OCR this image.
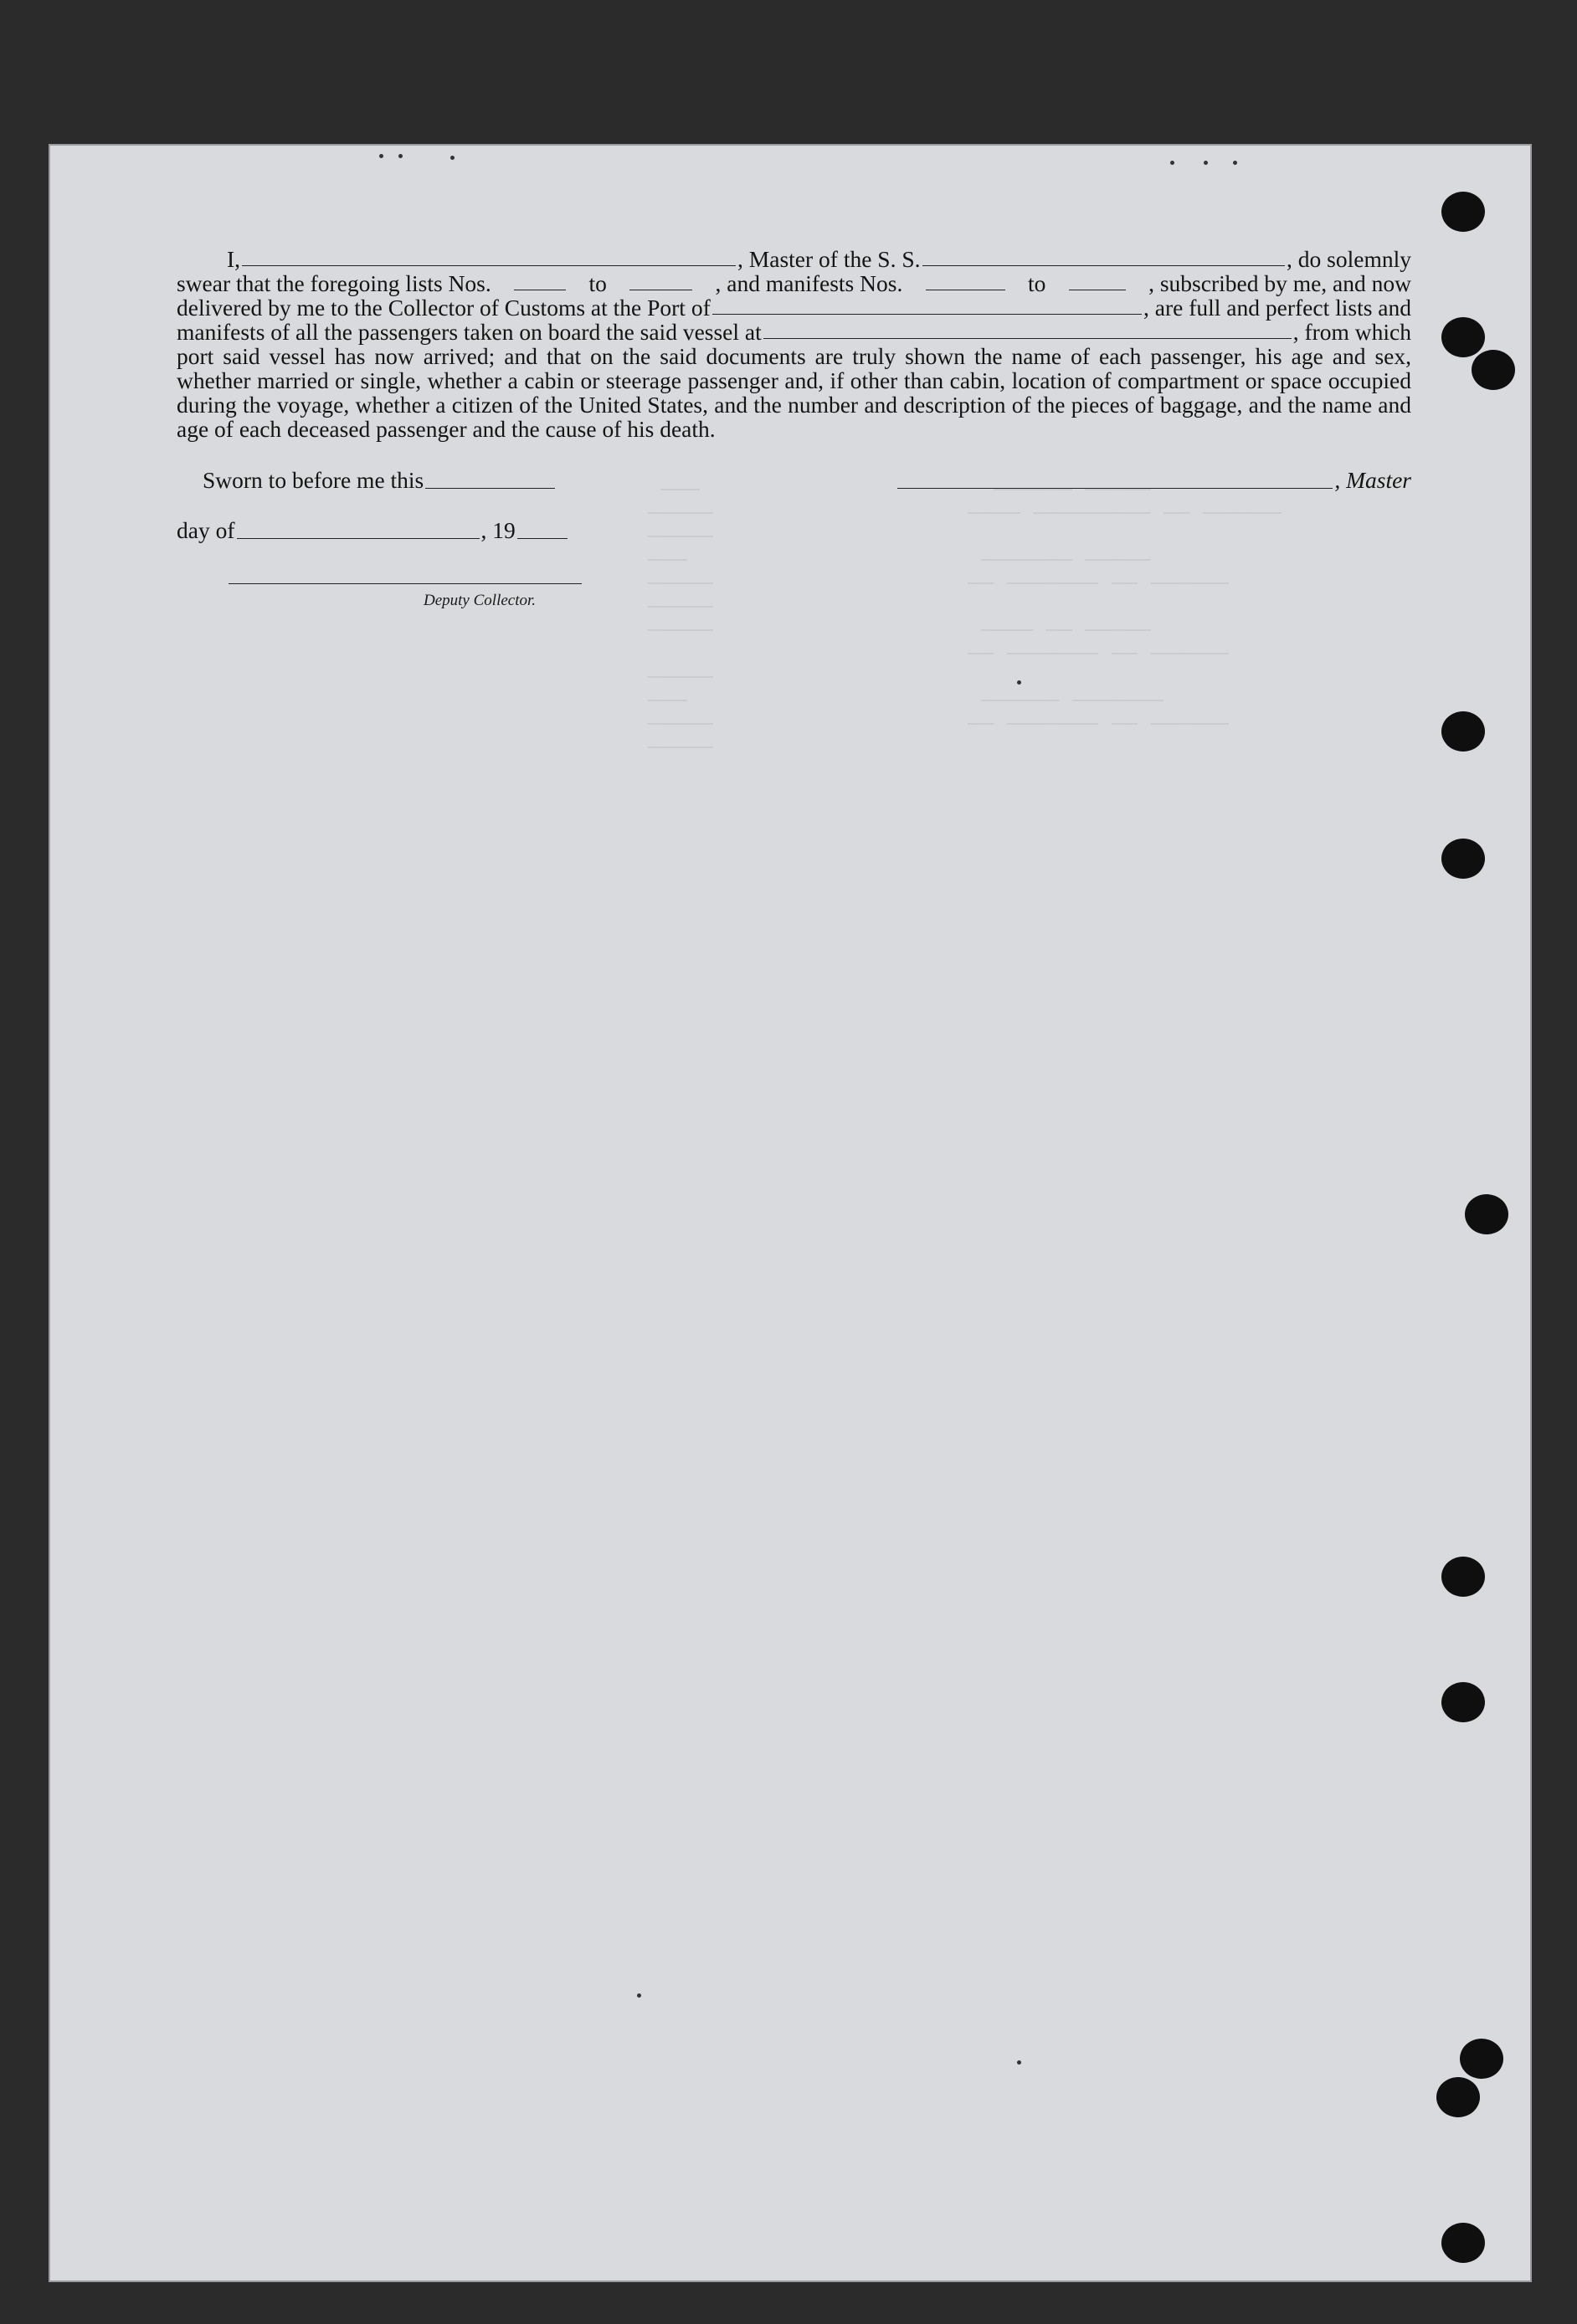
───
─────
─────
───
─────
─────
─────

─────
───
─────
─────
────── ─────
──── ───────── ── ──────

─────── ─────
── ─────── ── ──────

──── ── ─────
── ─────── ── ──────

────── ───────
── ─────── ── ──────
I,	, Master of the S. S.	, do solemnly
swear that the foregoing lists Nos.	to	, and manifests Nos.	to	, subscribed by me, and now
delivered by me to the Collector of Customs at the Port of	, are full and perfect lists and
manifests of all the passengers taken on board the said vessel at	, from which

port said vessel has now arrived; and that on the said documents are truly shown the name of each passenger, his age and sex, whether married or single, whether a cabin or steerage passenger and, if other than cabin, location of compartment or space occupied during the voyage, whether a citizen of the United States, and the number and description of the pieces of baggage, and the name and age of each deceased passenger and the cause of his death.

Sworn to before me this	, Master
day of	, 19
Deputy Collector.
